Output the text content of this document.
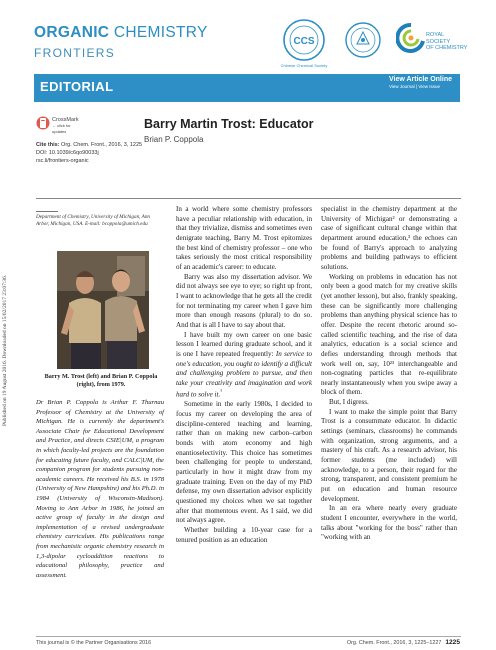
Published on 19 August 2016. Downloaded on 15/02/2017 23:07:36.
ORGANIC CHEMISTRY
FRONTIERS
CCS
Chinese Chemical Society
ROYAL SOCIETY
OF CHEMISTRY
EDITORIAL	View Article Online
View Journal | View Issue
CrossMark
← click for updates
Cite this: Org. Chem. Front., 2016, 3, 1225
DOI: 10.1039/c6qo90033j
rsc.li/frontiers-organic
Barry Martin Trost: Educator
Brian P. Coppola
Department of Chemistry, University of Michigan, Ann Arbor, Michigan, USA. E-mail: bcoppola@umich.edu
Barry M. Trost (left) and Brian P. Coppola (right), from 1979.
Dr Brian P. Coppola is Arthur F. Thurnau Professor of Chemistry at the University of Michigan. He is currently the department's Associate Chair for Educational Development and Practice, and directs CSIE|UM, a program in which faculty-led projects are the foundation for educating future faculty, and CALC|UM, the companion program for students pursuing non-academic careers. He received his B.S. in 1978 (University of New Hampshire) and his Ph.D. in 1984 (University of Wisconsin-Madison). Moving to Ann Arbor in 1986, he joined an active group of faculty in the design and implementation of a revised undergraduate chemistry curriculum. His publications range from mechanistic organic chemistry research in 1,3-dipolar cycloaddition reactions to educational philosophy, practice and assessment.

In a world where some chemistry professors have a peculiar relationship with education, in that they trivialize, dismiss and sometimes even denigrate teaching, Barry M. Trost epitomizes the best kind of chemistry professor – one who takes seriously the most critical responsibility of an academic's career: to educate.

Barry was also my dissertation advisor. We did not always see eye to eye; so right up front, I want to acknowledge that he gets all the credit for not terminating my career when I gave him more than enough reasons (plural) to do so. And that is all I have to say about that.

I have built my own career on one basic lesson I learned during graduate school, and it is one I have repeated frequently: In service to one's education, you ought to identify a difficult and challenging problem to pursue, and then take your creativity and imagination and work hard to solve it.$^{^1}$

Sometime in the early 1980s, I decided to focus my career on developing the area of discipline-centered teaching and learning, rather than on making new carbon–carbon bonds with atom economy and high enantioselectivity. This choice has sometimes been challenging for people to understand, particularly in how it might draw from my graduate training. Even on the day of my PhD defense, my own dissertation advisor explicitly questioned my choices when we sat together after that momentous event. As I said, we did not always agree.

Whether building a 10-year case for a tenured position as an education

specialist in the chemistry department at the University of Michigan² or demonstrating a case of significant cultural change within that department around education,³ the echoes can be found of Barry's approach to analyzing problems and building pathways to efficient solutions.

Working on problems in education has not only been a good match for my creative skills (yet another lesson), but also, frankly speaking, these can be significantly more challenging problems than anything physical science has to offer. Despite the recent rhetoric around so-called scientific teaching, and the rise of data analytics, education is a social science and defies understanding through methods that work well on, say, 10²³ interchangeable and non-cognating particles that re-equilibrate nearly instantaneously when you swipe away a block of them.

But, I digress.

I want to make the simple point that Barry Trost is a consummate educator. In didactic settings (seminars, classrooms) he commands with organization, strong arguments, and a mastery of his craft. As a research advisor, his former students (me included) will acknowledge, to a person, their regard for the strong, transparent, and consistent premium he put on education and human resource development.

In an era where nearly every graduate student I encounter, everywhere in the world, talks about "working for the boss" rather than "working with an

This journal is © the Partner Organisations 2016	Org. Chem. Front., 2016, 3, 1225–1227 1225
